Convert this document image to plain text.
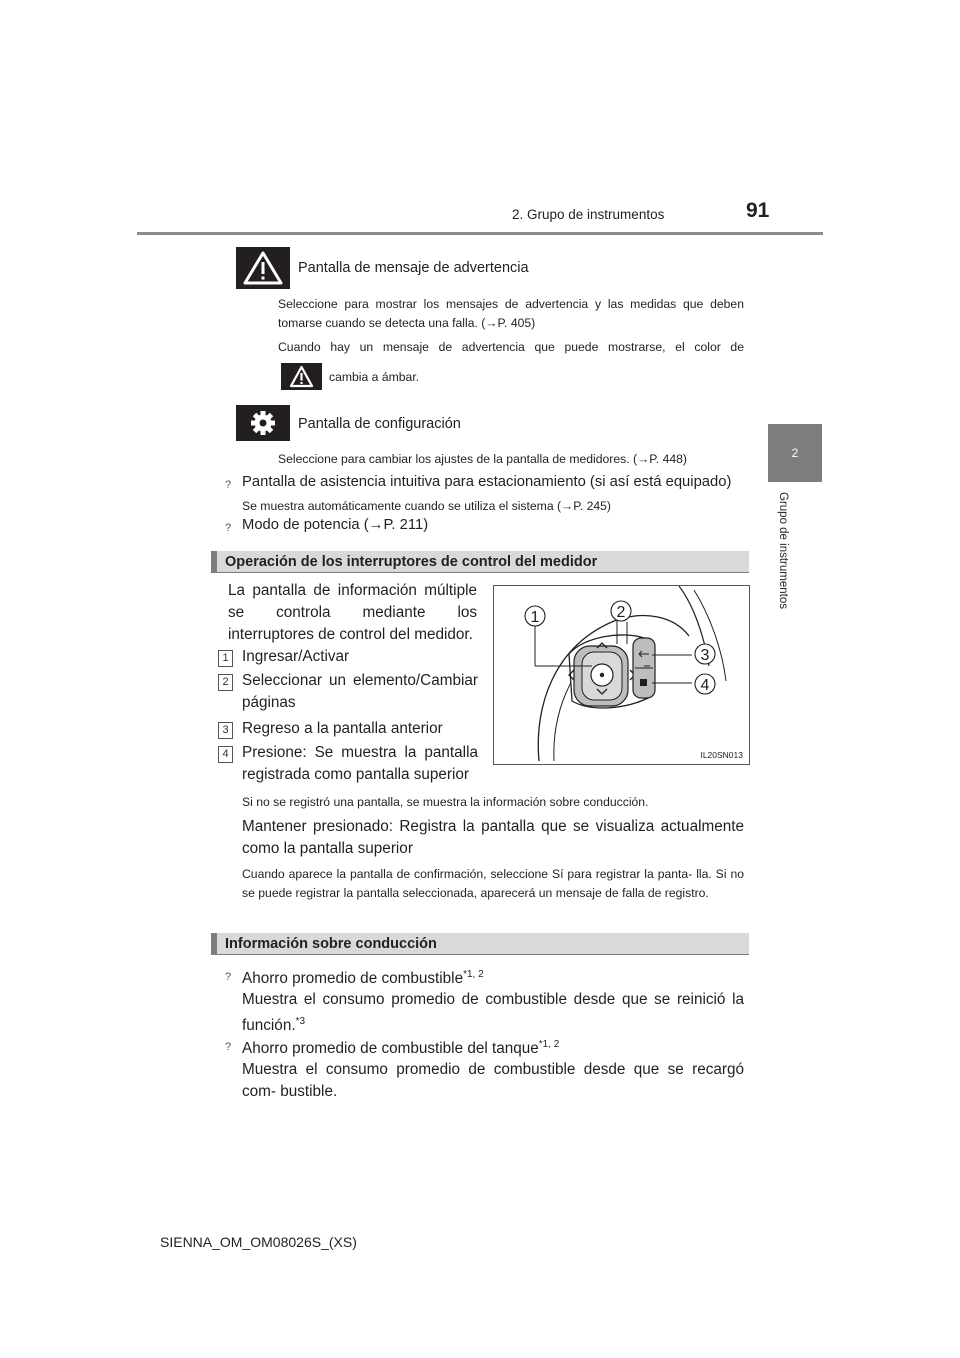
2. Grupo de instrumentos	91
2
Grupo de instrumentos
Pantalla de mensaje de advertencia
Seleccione para mostrar los mensajes de advertencia y las medidas que deben tomarse cuando se detecta una falla. (→P. 405)
Cuando hay un mensaje de advertencia que puede mostrarse, el color de
cambia a ámbar.
Pantalla de configuración
Seleccione para cambiar los ajustes de la pantalla de medidores. (→P. 448)
? Pantalla de asistencia intuitiva para estacionamiento (si así está equipado)
Se muestra automáticamente cuando se utiliza el sistema (→P. 245)
? Modo de potencia (→P. 211)
Operación de los interruptores de control del medidor
La pantalla de información múltiple se controla mediante los interruptores de control del medidor.
1 Ingresar/Activar
2 Seleccionar un elemento/Cambiar páginas
3 Regreso a la pantalla anterior
4 Presione: Se muestra la pantalla registrada como pantalla superior
1	2
3
4
IL20SN013
Si no se registró una pantalla, se muestra la información sobre conducción.
Mantener presionado: Registra la pantalla que se visualiza actualmente como la pantalla superior
Cuando aparece la pantalla de confirmación, seleccione Sí para registrar la panta- lla. Si no se puede registrar la pantalla seleccionada, aparecerá un mensaje de falla de registro.
Información sobre conducción
? Ahorro promedio de combustible$^{*1, 2}$
Muestra el consumo promedio de combustible desde que se reinició la función.$^{*3}$
? Ahorro promedio de combustible del tanque$^{*1, 2}$
Muestra el consumo promedio de combustible desde que se recargó com- bustible.
SIENNA_OM_OM08026S_(XS)
